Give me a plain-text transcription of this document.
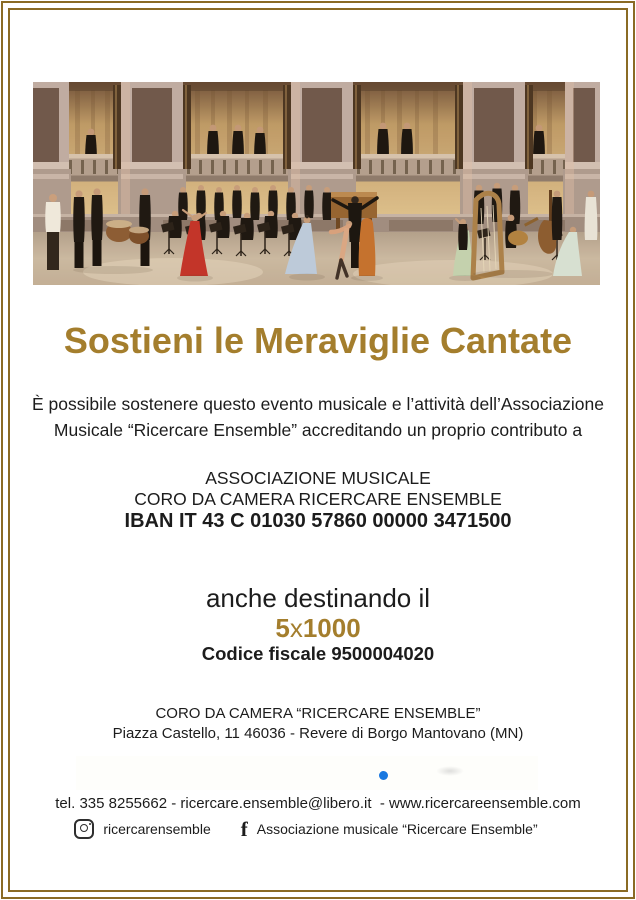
Sostieni le Meraviglie Cantate

È possibile sostenere questo evento musicale e l’attività dell’Associazione
Musicale “Ricercare Ensemble” accreditando un proprio contributo a

ASSOCIAZIONE MUSICALE
CORO DA CAMERA RICERCARE ENSEMBLE
IBAN IT 43 C 01030 57860 00000 3471500
anche destinando il
5x1000
Codice fiscale 9500004020
CORO DA CAMERA “RICERCARE ENSEMBLE”
Piazza Castello, 11 46036 - Revere di Borgo Mantovano (MN)
tel. 335 8255662 - ricercare.ensemble@libero.it  - www.ricercareensemble.com
ricercarensemble f Associazione musicale “Ricercare Ensemble”
